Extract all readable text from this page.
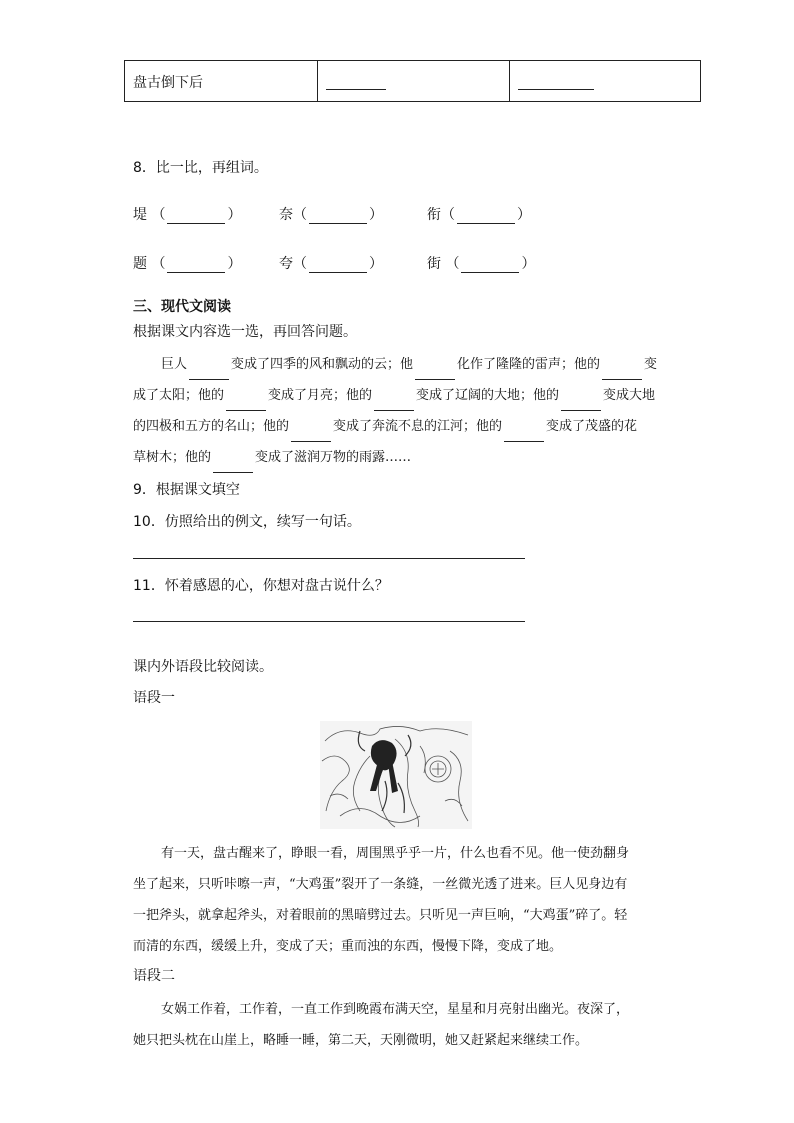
盘古倒下后
8．比一比，再组词。
堤 （	）	奈（	）	衔（	）
题 （	）	夸（	）	街 （	）
三、现代文阅读
根据课文内容选一选，再回答问题。
巨人	变成了四季的风和飘动的云；他	化作了隆隆的雷声；他的	变
成了太阳；他的	变成了月亮；他的	变成了辽阔的大地；他的	变成大地
的四极和五方的名山；他的	变成了奔流不息的江河；他的	变成了茂盛的花
草树木；他的	变成了滋润万物的雨露……
9．根据课文填空
10．仿照给出的例文，续写一句话。
11．怀着感恩的心，你想对盘古说什么？
课内外语段比较阅读。
语段一
有一天，盘古醒来了，睁眼一看，周围黑乎乎一片，什么也看不见。他一使劲翻身
坐了起来，只听咔嚓一声，“大鸡蛋”裂开了一条缝，一丝微光透了进来。巨人见身边有
一把斧头，就拿起斧头，对着眼前的黑暗劈过去。只听见一声巨响，“大鸡蛋”碎了。轻
而清的东西，缓缓上升，变成了天；重而浊的东西，慢慢下降，变成了地。
语段二
女娲工作着，工作着，一直工作到晚霞布满天空，星星和月亮射出幽光。夜深了，
她只把头枕在山崖上，略睡一睡，第二天，天刚微明，她又赶紧起来继续工作。
